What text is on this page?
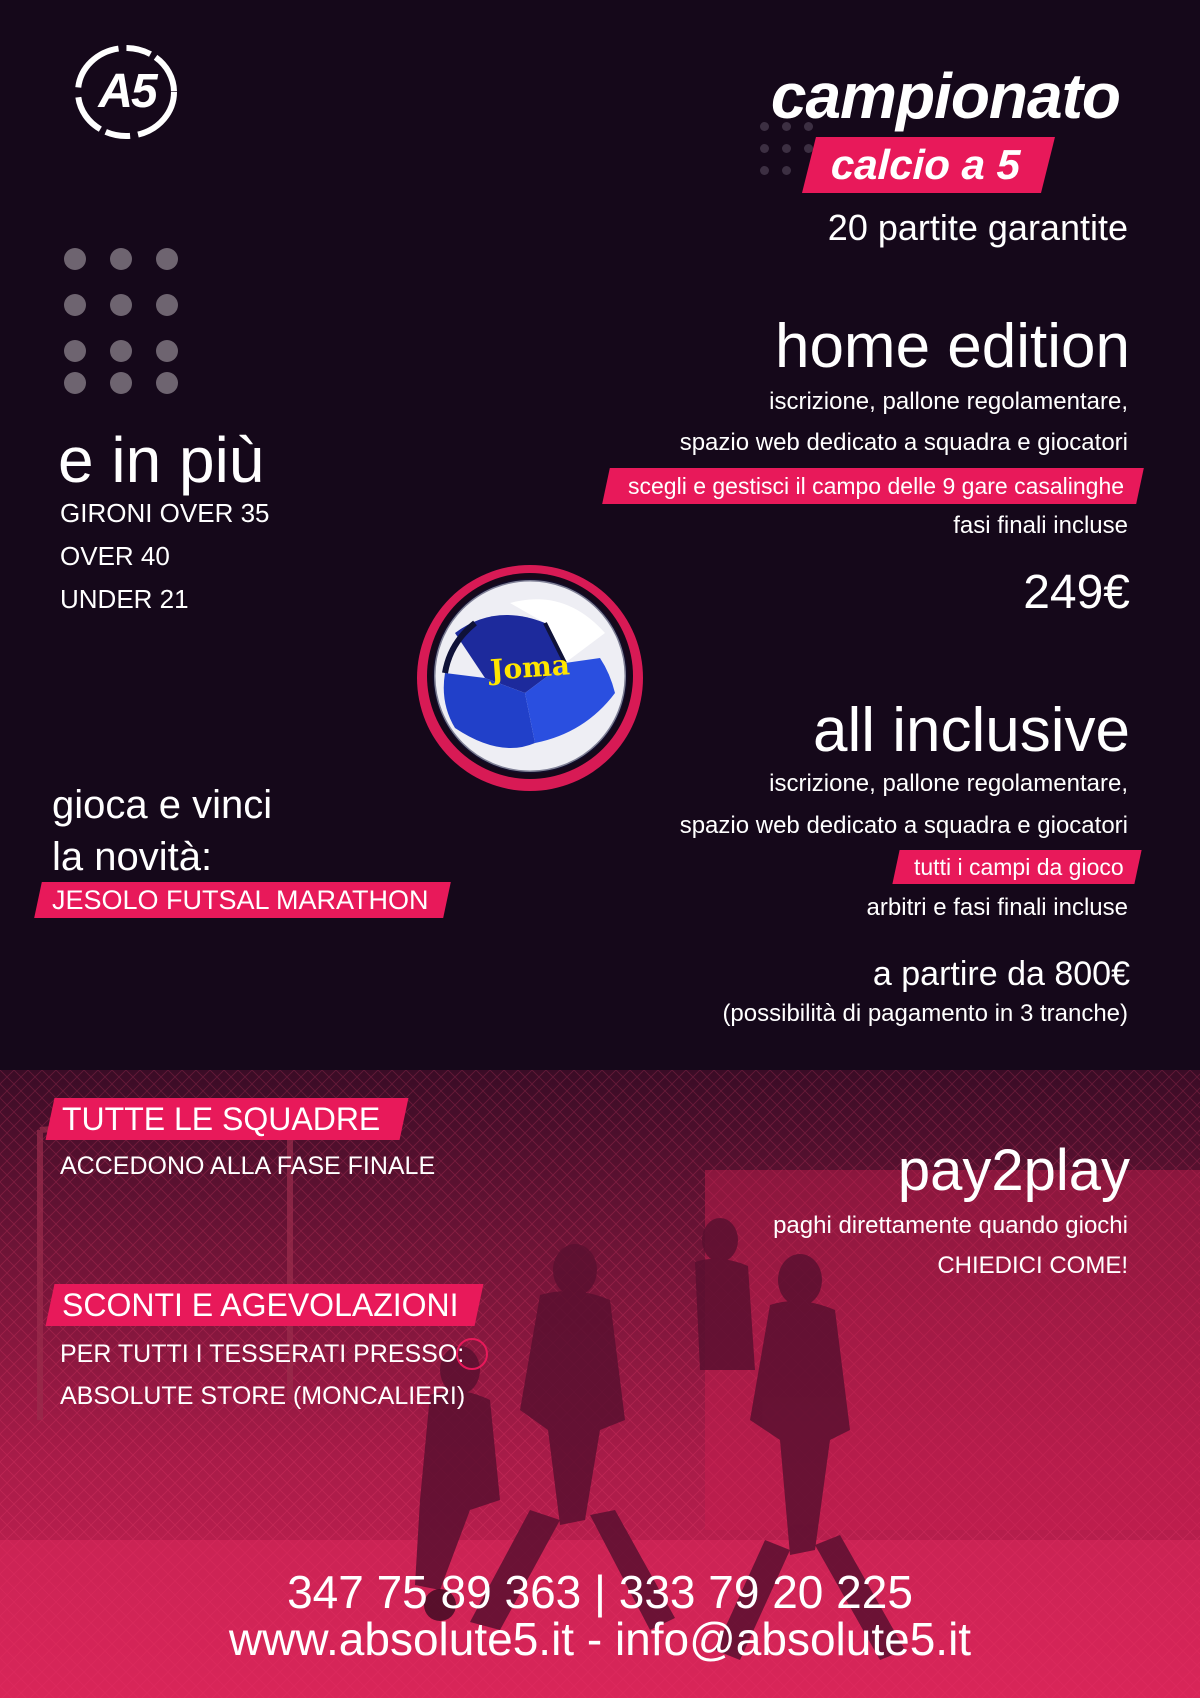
A5	campionato
calcio a 5
20 partite garantite
e in più
GIRONI OVER 35
OVER 40
UNDER 21
home edition
iscrizione, pallone regolamentare,
spazio web dedicato a squadra e giocatori
scegli e gestisci il campo delle 9 gare casalinghe
fasi finali incluse
249€
Joma
all inclusive
iscrizione, pallone regolamentare,
spazio web dedicato a squadra e giocatori
tutti i campi da gioco
arbitri e fasi finali incluse
a partire da 800€
(possibilità di pagamento in 3 tranche)
gioca e vinci
la novità:
JESOLO FUTSAL MARATHON
TUTTE LE SQUADRE
ACCEDONO ALLA FASE FINALE	pay2play
paghi direttamente quando giochi
CHIEDICI COME!
SCONTI E AGEVOLAZIONI
PER TUTTI I TESSERATI PRESSO:
ABSOLUTE STORE (MONCALIERI)
347 75 89 363 | 333 79 20 225
www.absolute5.it - info@absolute5.it
